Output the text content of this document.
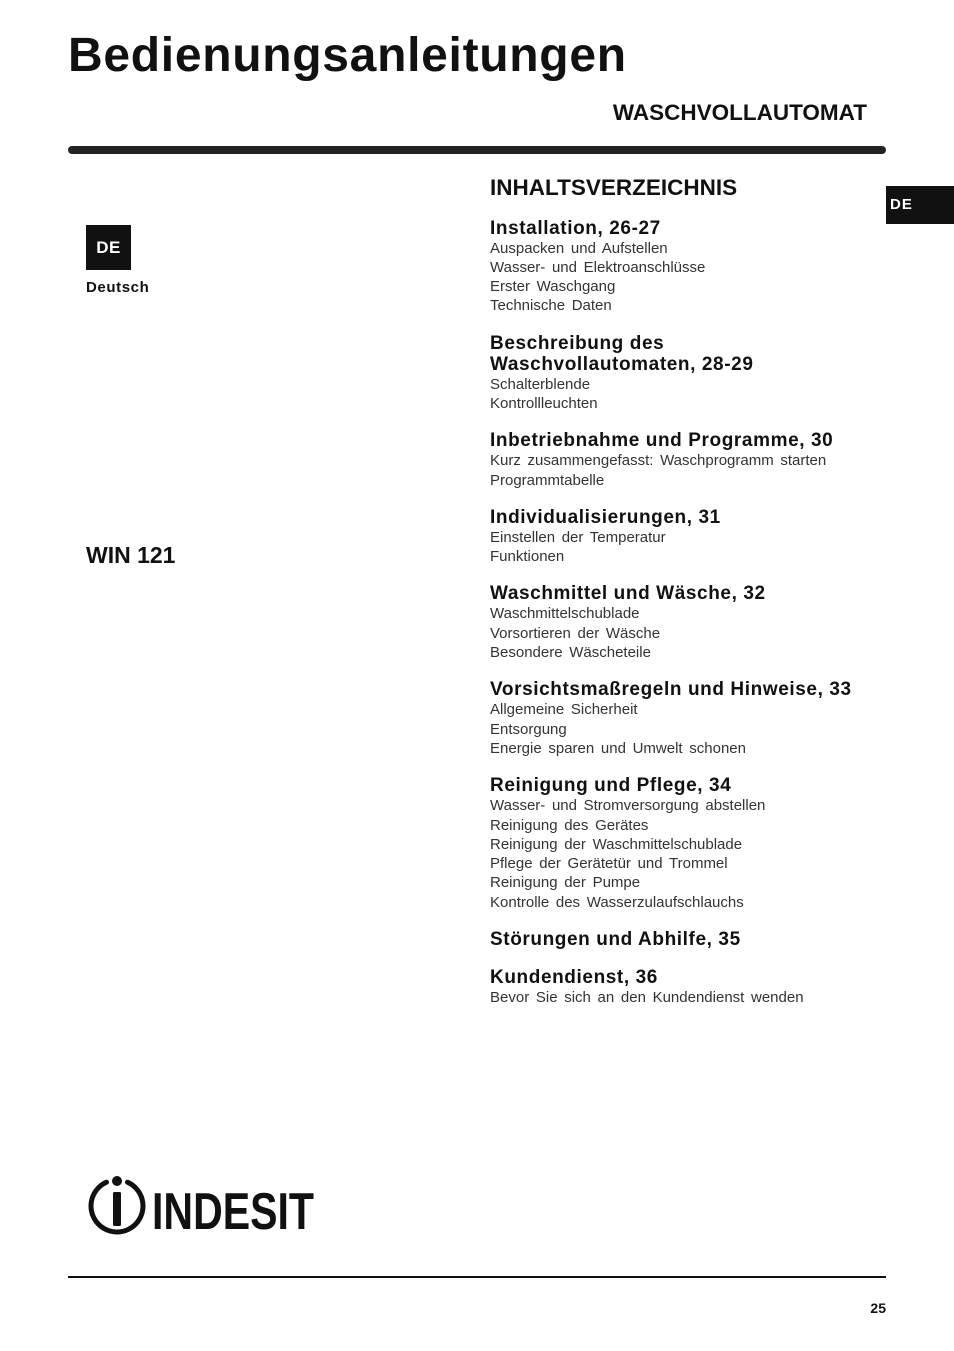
Bedienungsanleitungen
WASCHVOLLAUTOMAT
DE
DE
Deutsch
WIN 121
INHALTSVERZEICHNIS
Installation, 26-27
Auspacken und Aufstellen
Wasser- und Elektroanschlüsse
Erster Waschgang
Technische Daten
Beschreibung des Waschvollautomaten, 28-29
Schalterblende
Kontrollleuchten
Inbetriebnahme und Programme, 30
Kurz zusammengefasst: Waschprogramm starten
Programmtabelle
Individualisierungen, 31
Einstellen der Temperatur
Funktionen
Waschmittel und Wäsche, 32
Waschmittelschublade
Vorsortieren der Wäsche
Besondere Wäscheteile
Vorsichtsmaßregeln und Hinweise, 33
Allgemeine Sicherheit
Entsorgung
Energie sparen und Umwelt schonen
Reinigung und Pflege, 34
Wasser- und Stromversorgung abstellen
Reinigung des Gerätes
Reinigung der Waschmittelschublade
Pflege der Gerätetür und Trommel
Reinigung der Pumpe
Kontrolle des Wasserzulaufschlauchs
Störungen und Abhilfe, 35
Kundendienst, 36
Bevor Sie sich an den Kundendienst wenden
INDESIT
25
